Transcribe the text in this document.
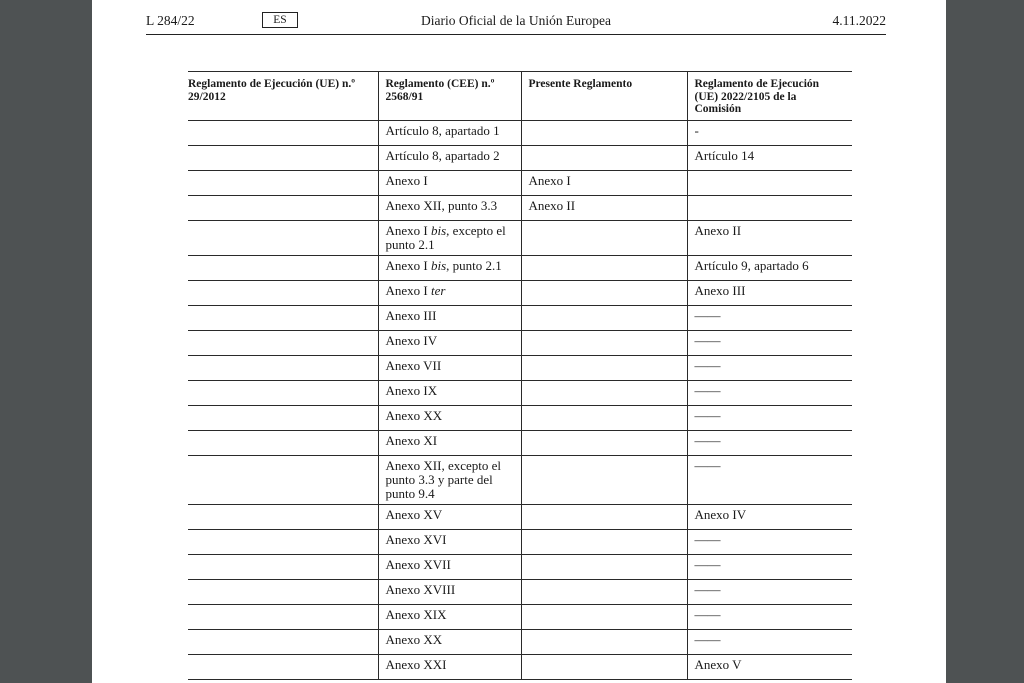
L 284/22	ES	Diario Oficial de la Unión Europea	4.11.2022
Reglamento de Ejecución (UE) n.º 29/2012	Reglamento (CEE) n.º 2568/91	Presente Reglamento	Reglamento de Ejecución (UE) 2022/2105 de la Comisión
	Artículo 8, apartado 1		-
	Artículo 8, apartado 2		Artículo 14
	Anexo I	Anexo I	
	Anexo XII, punto 3.3	Anexo II	
	Anexo I bis, excepto el punto 2.1		Anexo II
	Anexo I bis, punto 2.1		Artículo 9, apartado 6
	Anexo I ter		Anexo III
	Anexo III		——
	Anexo IV		——
	Anexo VII		——
	Anexo IX		——
	Anexo XX		——
	Anexo XI		——
	Anexo XII, excepto el punto 3.3 y parte del punto 9.4		——
	Anexo XV		Anexo IV
	Anexo XVI		——
	Anexo XVII		——
	Anexo XVIII		——
	Anexo XIX		——
	Anexo XX		——
	Anexo XXI		Anexo V
